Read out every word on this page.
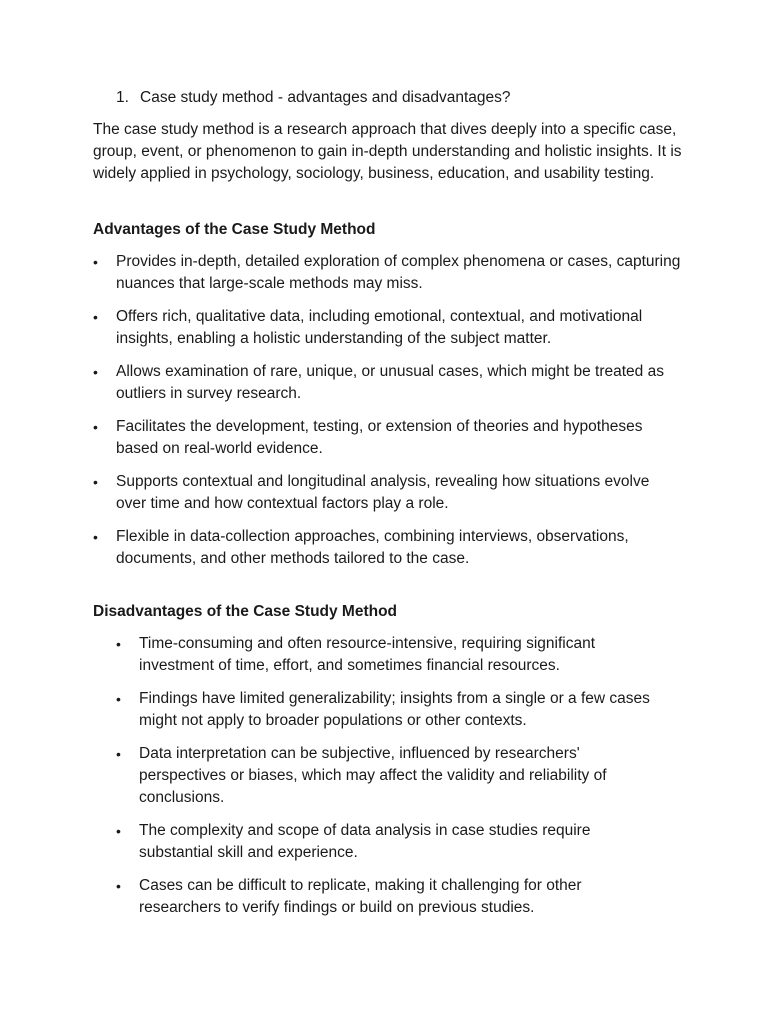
1. Case study method - advantages and disadvantages?

The case study method is a research approach that dives deeply into a specific case, group, event, or phenomenon to gain in-depth understanding and holistic insights. It is widely applied in psychology, sociology, business, education, and usability testing.

Advantages of the Case Study Method
•	Provides in-depth, detailed exploration of complex phenomena or cases, capturing nuances that large-scale methods may miss.
•	Offers rich, qualitative data, including emotional, contextual, and motivational insights, enabling a holistic understanding of the subject matter.
•	Allows examination of rare, unique, or unusual cases, which might be treated as outliers in survey research.
•	Facilitates the development, testing, or extension of theories and hypotheses based on real-world evidence.
•	Supports contextual and longitudinal analysis, revealing how situations evolve over time and how contextual factors play a role.
•	Flexible in data-collection approaches, combining interviews, observations, documents, and other methods tailored to the case.
Disadvantages of the Case Study Method
•	Time-consuming and often resource-intensive, requiring significant investment of time, effort, and sometimes financial resources.
•	Findings have limited generalizability; insights from a single or a few cases might not apply to broader populations or other contexts.
•	Data interpretation can be subjective, influenced by researchers' perspectives or biases, which may affect the validity and reliability of conclusions.
•	The complexity and scope of data analysis in case studies require substantial skill and experience.
•	Cases can be difficult to replicate, making it challenging for other researchers to verify findings or build on previous studies.
